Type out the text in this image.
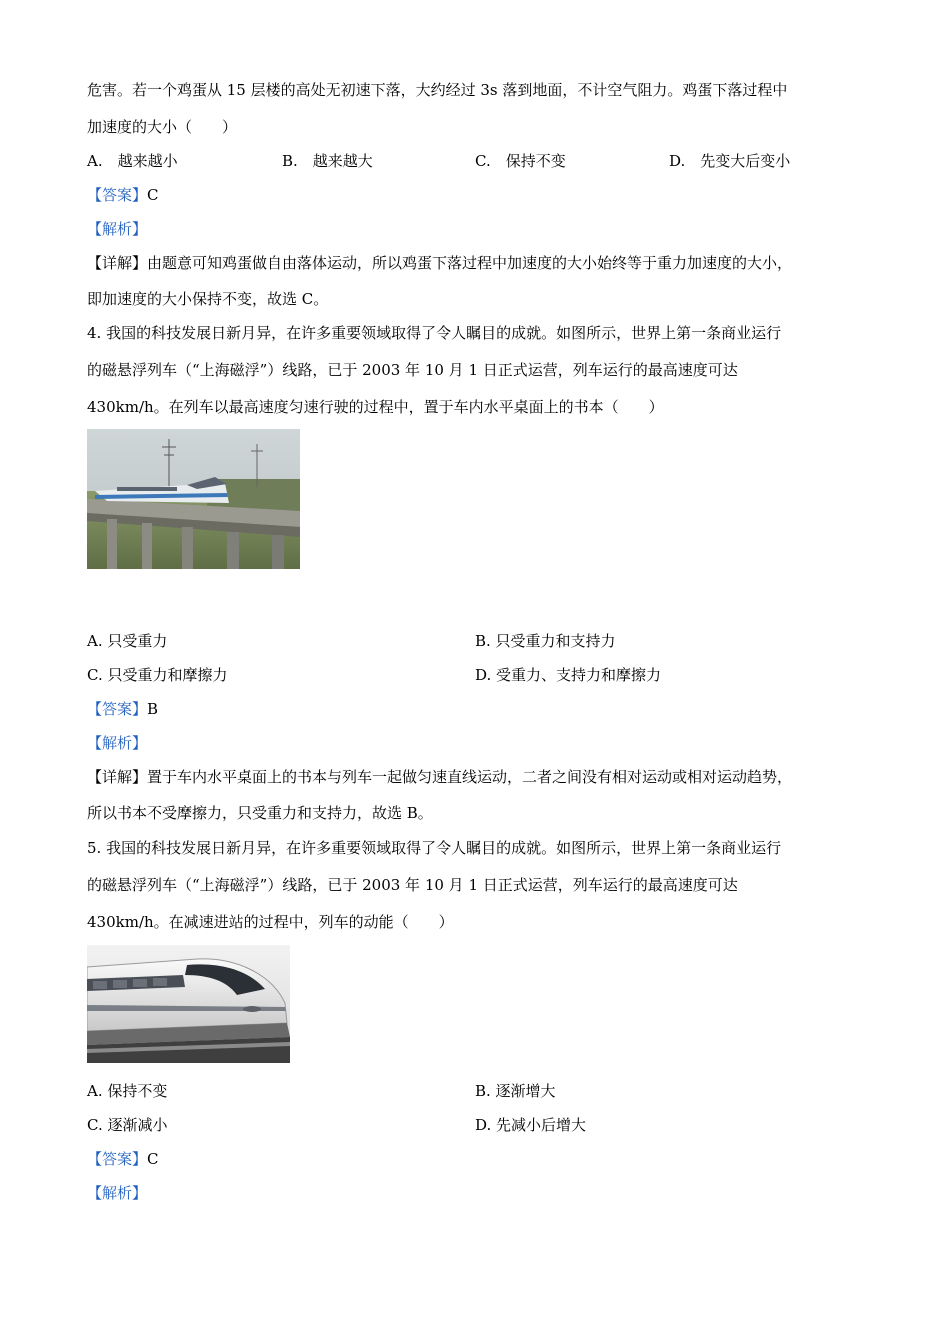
危害。若一个鸡蛋从 15 层楼的高处无初速下落，大约经过 3s 落到地面，不计空气阻力。鸡蛋下落过程中
加速度的大小（　　）
A.　越来越小	B.　越来越大	C.　保持不变	D.　先变大后变小
【答案】C
【解析】
【详解】由题意可知鸡蛋做自由落体运动，所以鸡蛋下落过程中加速度的大小始终等于重力加速度的大小，
即加速度的大小保持不变，故选 C。
4. 我国的科技发展日新月异，在许多重要领域取得了令人瞩目的成就。如图所示，世界上第一条商业运行
的磁悬浮列车（“上海磁浮”）线路，已于 2003 年 10 月 1 日正式运营，列车运行的最高速度可达
430km/h。在列车以最高速度匀速行驶的过程中，置于车内水平桌面上的书本（　　）
A. 只受重力	B. 只受重力和支持力
C. 只受重力和摩擦力	D. 受重力、支持力和摩擦力
【答案】B
【解析】
【详解】置于车内水平桌面上的书本与列车一起做匀速直线运动，二者之间没有相对运动或相对运动趋势，
所以书本不受摩擦力，只受重力和支持力，故选 B。
5. 我国的科技发展日新月异，在许多重要领域取得了令人瞩目的成就。如图所示，世界上第一条商业运行
的磁悬浮列车（“上海磁浮”）线路，已于 2003 年 10 月 1 日正式运营，列车运行的最高速度可达
430km/h。在减速进站的过程中，列车的动能（　　）
A. 保持不变	B. 逐渐增大
C. 逐渐减小	D. 先减小后增大
【答案】C
【解析】
